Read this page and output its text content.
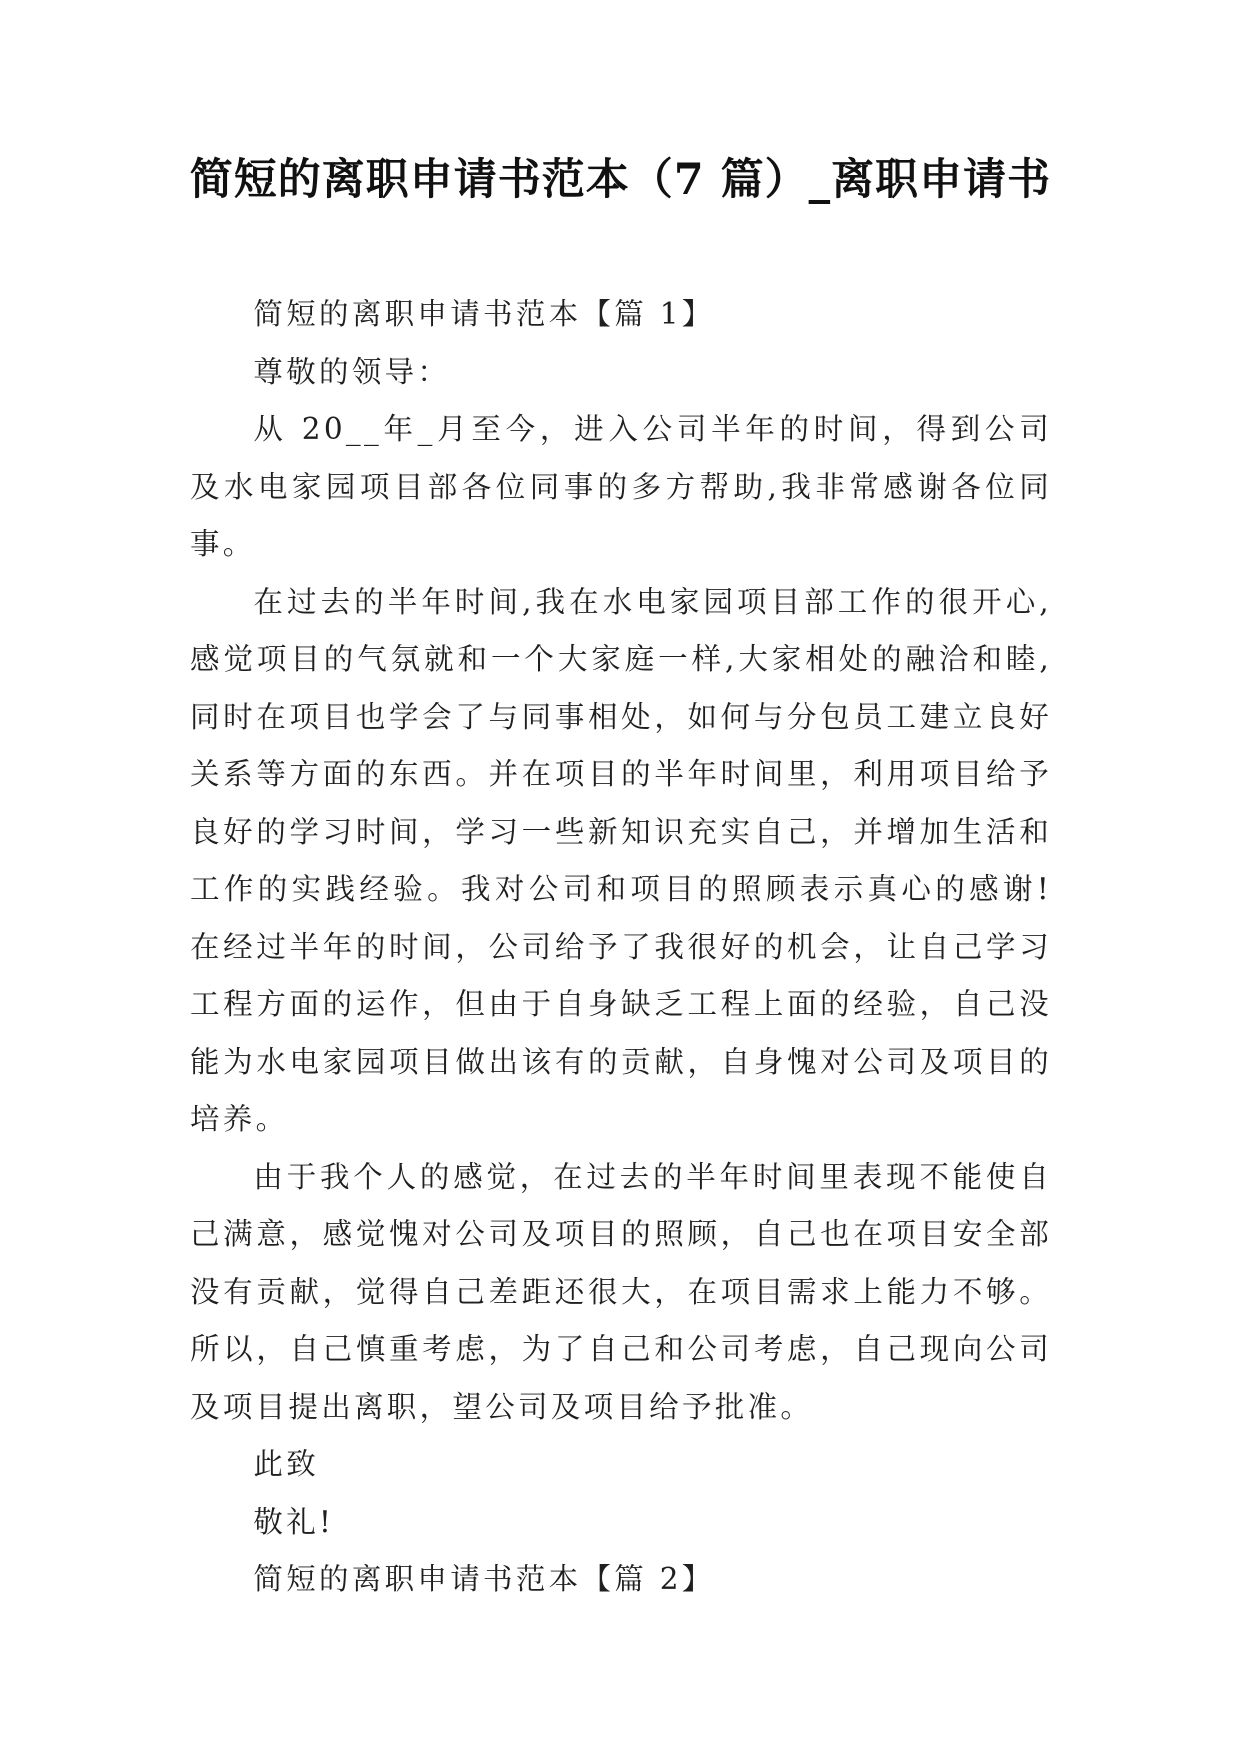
简短的离职申请书范本（7 篇）_离职申请书

简短的离职申请书范本【篇 1】

尊敬的领导：

从 20__年_月至今，进入公司半年的时间，得到公司及水电家园项目部各位同事的多方帮助,我非常感谢各位同事。

在过去的半年时间,我在水电家园项目部工作的很开心,感觉项目的气氛就和一个大家庭一样,大家相处的融洽和睦,同时在项目也学会了与同事相处，如何与分包员工建立良好关系等方面的东西。并在项目的半年时间里，利用项目给予良好的学习时间，学习一些新知识充实自己，并增加生活和工作的实践经验。我对公司和项目的照顾表示真心的感谢!在经过半年的时间，公司给予了我很好的机会，让自己学习工程方面的运作，但由于自身缺乏工程上面的经验，自己没能为水电家园项目做出该有的贡献，自身愧对公司及项目的培养。

由于我个人的感觉，在过去的半年时间里表现不能使自己满意，感觉愧对公司及项目的照顾，自己也在项目安全部没有贡献，觉得自己差距还很大，在项目需求上能力不够。所以，自己慎重考虑，为了自己和公司考虑，自己现向公司及项目提出离职，望公司及项目给予批准。

此致

敬礼!

简短的离职申请书范本【篇 2】
